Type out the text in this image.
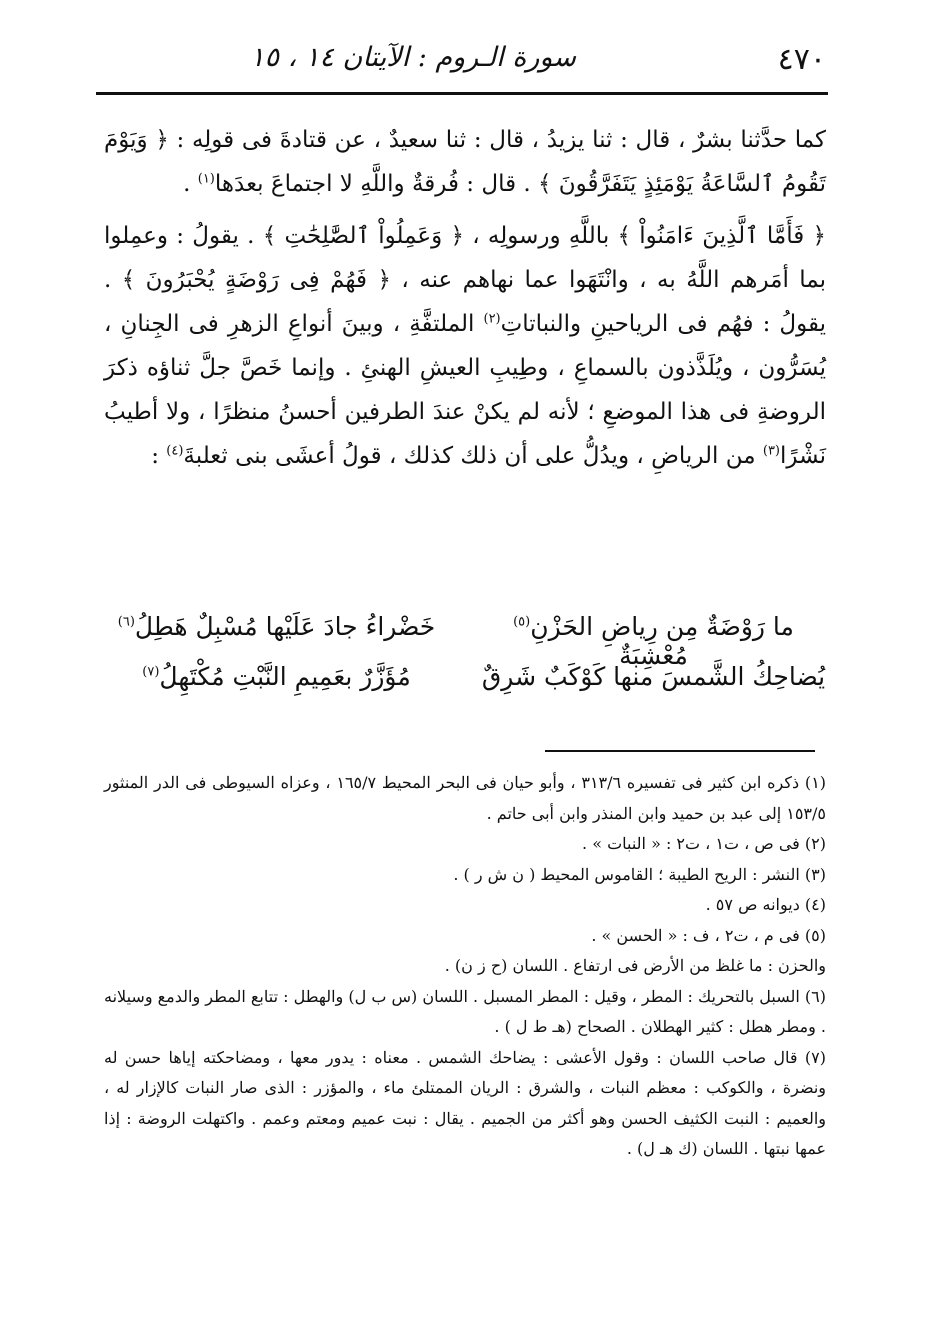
٤٧٠
سورة الـروم : الآيتان ١٤ ، ١٥

كما حدَّثنا بشرٌ ، قال : ثنا يزيدُ ، قال : ثنا سعيدٌ ، عن قتادةَ فى قولِه : ﴿ وَيَوْمَ تَقُومُ ٱلسَّاعَةُ يَوْمَئِذٍ يَتَفَرَّقُونَ ﴾ . قال : فُرقةٌ واللَّهِ لا اجتماعَ بعدَها$^{(١)}$ .

﴿ فَأَمَّا ٱلَّذِينَ ءَامَنُواْ ﴾ باللَّهِ ورسولِه ، ﴿ وَعَمِلُواْ ٱلصَّٰلِحَٰتِ ﴾ . يقولُ : وعمِلوا بما أمَرهم اللَّهُ به ، وانْتَهَوا عما نهاهم عنه ، ﴿ فَهُمْ فِى رَوْضَةٍ يُحْبَرُونَ ﴾ . يقولُ : فهُم فى الرياحينِ والنباتاتِ$^{(٢)}$ الملتفَّةِ ، وبينَ أنواعِ الزهرِ فى الجِنانِ ، يُسَرُّون ، ويُلَذَّذون بالسماعِ ، وطِيبِ العيشِ الهنئِ . وإنما خَصَّ جلَّ ثناؤه ذكرَ الروضةِ فى هذا الموضعِ ؛ لأنه لم يكنْ عندَ الطرفين أحسنُ منظرًا ، ولا أطيبُ نَشْرًا$^{(٣)}$ من الرياضِ ، ويدُلُّ على أن ذلك كذلك ، قولُ أعشَى بنى ثعلبةَ$^{(٤)}$ :

ما رَوْضَةٌ مِن رِياضِ الحَزْنِ$^{(٥)}$ مُعْشِبَةٌ
خَضْراءُ جادَ عَلَيْها مُسْبِلٌ هَطِلُ$^{(٦)}$
يُضاحِكُ الشَّمسَ منها كَوْكَبٌ شَرِقٌ
مُؤَزَّرٌ بعَمِيمِ النَّبْتِ مُكْتَهِلُ$^{(٧)}$

(١) ذكره ابن كثير فى تفسيره ٣١٣/٦ ، وأبو حيان فى البحر المحيط ١٦٥/٧ ، وعزاه السيوطى فى الدر المنثور ١٥٣/٥ إلى عبد بن حميد وابن المنذر وابن أبى حاتم .

(٢) فى ص ، ت١ ، ت٢ : « النبات » .

(٣) النشر : الريح الطيبة ؛ القاموس المحيط ( ن ش ر ) .

(٤) ديوانه ص ٥٧ .

(٥) فى م ، ت٢ ، ف : « الحسن » .

والحزن : ما غلظ من الأرض فى ارتفاع . اللسان (ح ز ن) .

(٦) السبل بالتحريك : المطر ، وقيل : المطر المسبل . اللسان (س ب ل) والهطل : تتابع المطر والدمع وسيلانه . ومطر هطل : كثير الهطلان . الصحاح (هـ ط ل ) .

(٧) قال صاحب اللسان : وقول الأعشى : يضاحك الشمس . معناه : يدور معها ، ومضاحكته إياها حسن له ونضرة ، والكوكب : معظم النبات ، والشرق : الريان الممتلئ ماء ، والمؤزر : الذى صار النبات كالإزار له ، والعميم : النبت الكثيف الحسن وهو أكثر من الجميم . يقال : نبت عميم ومعتم وعمم . واكتهلت الروضة : إذا عمها نبتها . اللسان (ك هـ ل) .
